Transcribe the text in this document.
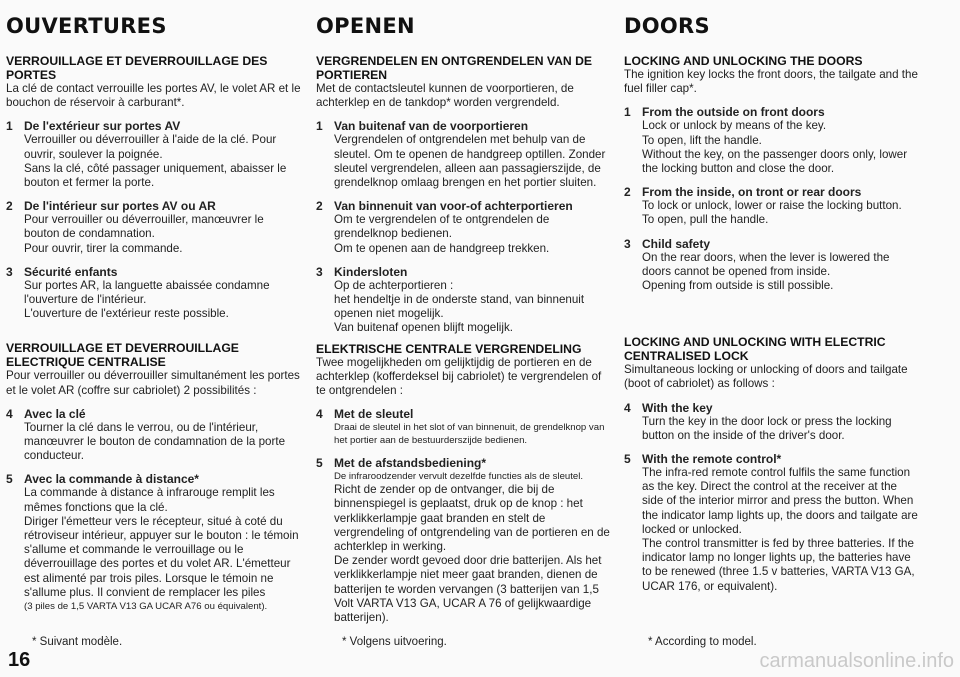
OUVERTURES
VERROUILLAGE ET DEVERROUILLAGE DES PORTES
La clé de contact verrouille les portes AV, le volet AR et le bouchon de réservoir à carburant*.
1 De l'extérieur sur portes AV
Verrouiller ou déverrouiller à l'aide de la clé. Pour ouvrir, soulever la poignée.
Sans la clé, côté passager uniquement, abaisser le bouton et fermer la porte.
2 De l'intérieur sur portes AV ou AR
Pour verrouiller ou déverrouiller, manœuvrer le bouton de condamnation.
Pour ouvrir, tirer la commande.
3 Sécurité enfants
Sur portes AR, la languette abaissée condamne l'ouverture de l'intérieur.
L'ouverture de l'extérieur reste possible.
VERROUILLAGE ET DEVERROUILLAGE ELECTRIQUE CENTRALISE
Pour verrouiller ou déverrouiller simultanément les portes et le volet AR (coffre sur cabriolet) 2 possibilités :
4 Avec la clé
Tourner la clé dans le verrou, ou de l'intérieur, manœuvrer le bouton de condamnation de la porte conducteur.
5 Avec la commande à distance*
La commande à distance à infrarouge remplit les mêmes fonctions que la clé.
Diriger l'émetteur vers le récepteur, situé à coté du rétroviseur intérieur, appuyer sur le bouton : le témoin s'allume et commande le verrouillage ou le déverrouillage des portes et du volet AR. L'émetteur est alimenté par trois piles. Lorsque le témoin ne s'allume plus. Il convient de remplacer les piles
(3 piles de 1,5 VARTA V13 GA UCAR A76 ou équivalent).
OPENEN
VERGRENDELEN EN ONTGRENDELEN VAN DE PORTIEREN
Met de contactsleutel kunnen de voorportieren, de achterklep en de tankdop* worden vergrendeld.
1 Van buitenaf van de voorportieren
Vergrendelen of ontgrendelen met behulp van de sleutel. Om te openen de handgreep optillen. Zonder sleutel vergrendelen, alleen aan passagierszijde, de grendelknop omlaag brengen en het portier sluiten.
2 Van binnenuit van voor-of achterportieren
Om te vergrendelen of te ontgrendelen de grendelknop bedienen.
Om te openen aan de handgreep trekken.
3 Kindersloten
Op de achterportieren :
het hendeltje in de onderste stand, van binnenuit openen niet mogelijk.
Van buitenaf openen blijft mogelijk.
ELEKTRISCHE CENTRALE VERGRENDELING
Twee mogelijkheden om gelijktijdig de portieren en de achterklep (kofferdeksel bij cabriolet) te vergrendelen of te ontgrendelen :
4 Met de sleutel
Draai de sleutel in het slot of van binnenuit, de grendelknop van het portier aan de bestuurderszijde bedienen.
5 Met de afstandsbediening*
De infraroodzender vervult dezelfde functies als de sleutel.
Richt de zender op de ontvanger, die bij de binnenspiegel is geplaatst, druk op de knop : het verklikkerlampje gaat branden en stelt de vergrendeling of ontgrendeling van de portieren en de achterklep in werking.
De zender wordt gevoed door drie batterijen. Als het verklikkerlampje niet meer gaat branden, dienen de batterijen te worden vervangen (3 batterijen van 1,5 Volt VARTA V13 GA, UCAR A 76 of gelijkwaardige batterijen).
DOORS
LOCKING AND UNLOCKING THE DOORS
The ignition key locks the front doors, the tailgate and the fuel filler cap*.
1 From the outside on front doors
Lock or unlock by means of the key.
To open, lift the handle.
Without the key, on the passenger doors only, lower the locking button and close the door.
2 From the inside, on tront or rear doors
To lock or unlock, lower or raise the locking button.
To open, pull the handle.
3 Child safety
On the rear doors, when the lever is lowered the doors cannot be opened from inside.
Opening from outside is still possible.
LOCKING AND UNLOCKING WITH ELECTRIC CENTRALISED LOCK
Simultaneous locking or unlocking of doors and tailgate (boot of cabriolet) as follows :
4 With the key
Turn the key in the door lock or press the locking button on the inside of the driver's door.
5 With the remote control*
The infra-red remote control fulfils the same function as the key. Direct the control at the receiver at the side of the interior mirror and press the button. When the indicator lamp lights up, the doors and tailgate are locked or unlocked.
The control transmitter is fed by three batteries. If the indicator lamp no longer lights up, the batteries have to be renewed (three 1.5 v batteries, VARTA V13 GA, UCAR 176, or equivalent).
* Suivant modèle.	* Volgens uitvoering.	* According to model.
16	carmanualsonline.info
